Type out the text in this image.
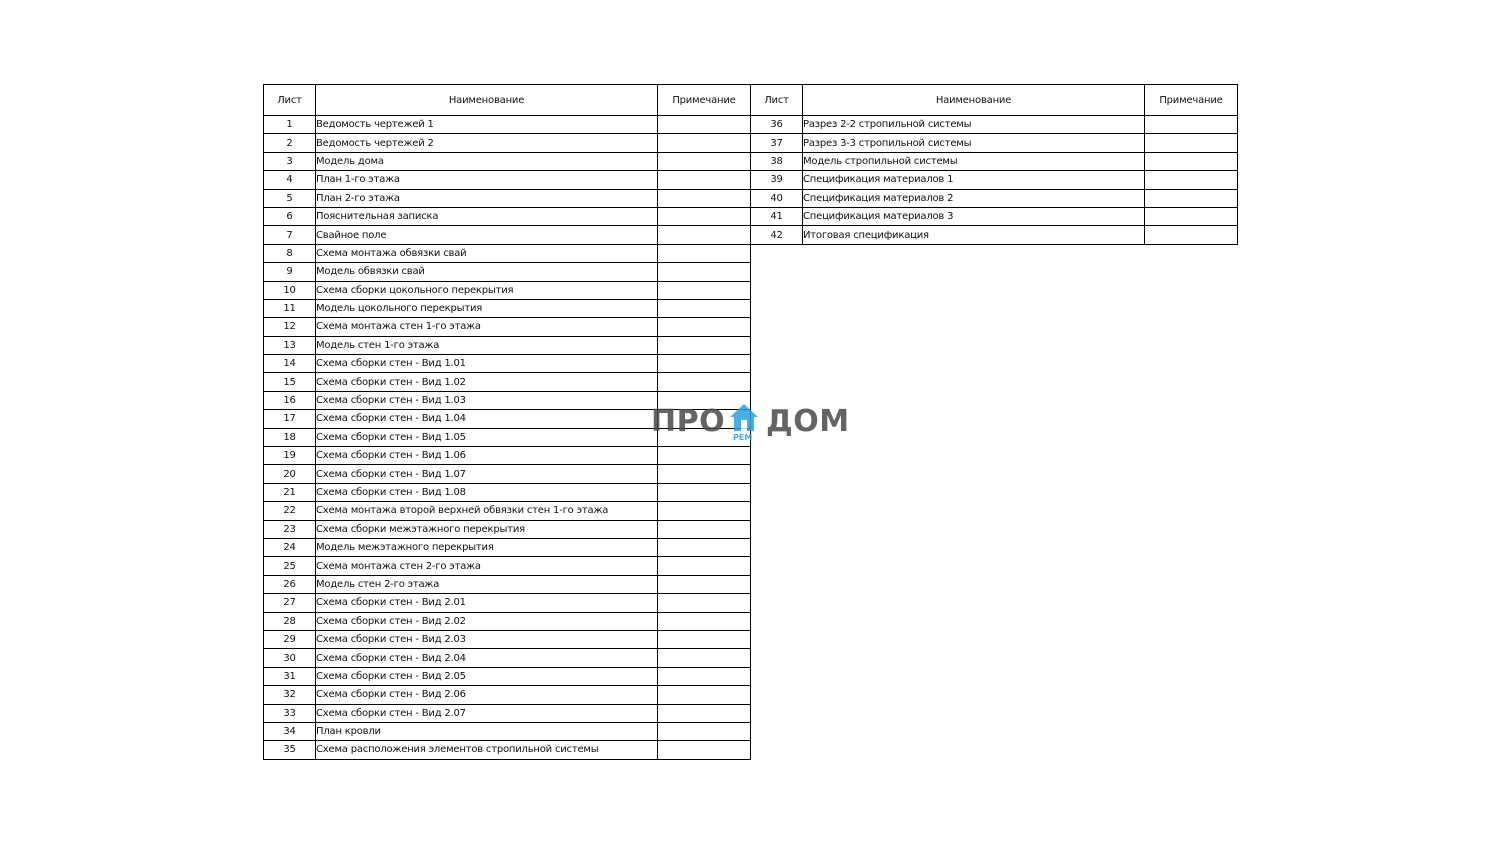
Лист	Наименование	Примечание
1	Ведомость чертежей 1	
2	Ведомость чертежей 2	
3	Модель дома	
4	План 1-го этажа	
5	План 2-го этажа	
6	Пояснительная записка	
7	Свайное поле	
8	Схема монтажа обвязки свай	
9	Модель обвязки свай	
10	Схема сборки цокольного перекрытия	
11	Модель цокольного перекрытия	
12	Схема монтажа стен 1-го этажа	
13	Модель стен 1-го этажа	
14	Схема сборки стен - Вид 1.01	
15	Схема сборки стен - Вид 1.02	
16	Схема сборки стен - Вид 1.03	
17	Схема сборки стен - Вид 1.04	
18	Схема сборки стен - Вид 1.05	
19	Схема сборки стен - Вид 1.06	
20	Схема сборки стен - Вид 1.07	
21	Схема сборки стен - Вид 1.08	
22	Схема монтажа второй верхней обвязки стен 1-го этажа	
23	Схема сборки межэтажного перекрытия	
24	Модель межэтажного перекрытия	
25	Схема монтажа стен 2-го этажа	
26	Модель стен 2-го этажа	
27	Схема сборки стен - Вид 2.01	
28	Схема сборки стен - Вид 2.02	
29	Схема сборки стен - Вид 2.03	
30	Схема сборки стен - Вид 2.04	
31	Схема сборки стен - Вид 2.05	
32	Схема сборки стен - Вид 2.06	
33	Схема сборки стен - Вид 2.07	
34	План кровли	
35	Схема расположения элементов стропильной системы	
Лист	Наименование	Примечание
36	Разрез 2-2 стропильной системы	
37	Разрез 3-3 стропильной системы	
38	Модель стропильной системы	
39	Спецификация материалов 1	
40	Спецификация материалов 2	
41	Спецификация материалов 3	
42	Итоговая спецификация	
ПРО РЕМ ДОМ
